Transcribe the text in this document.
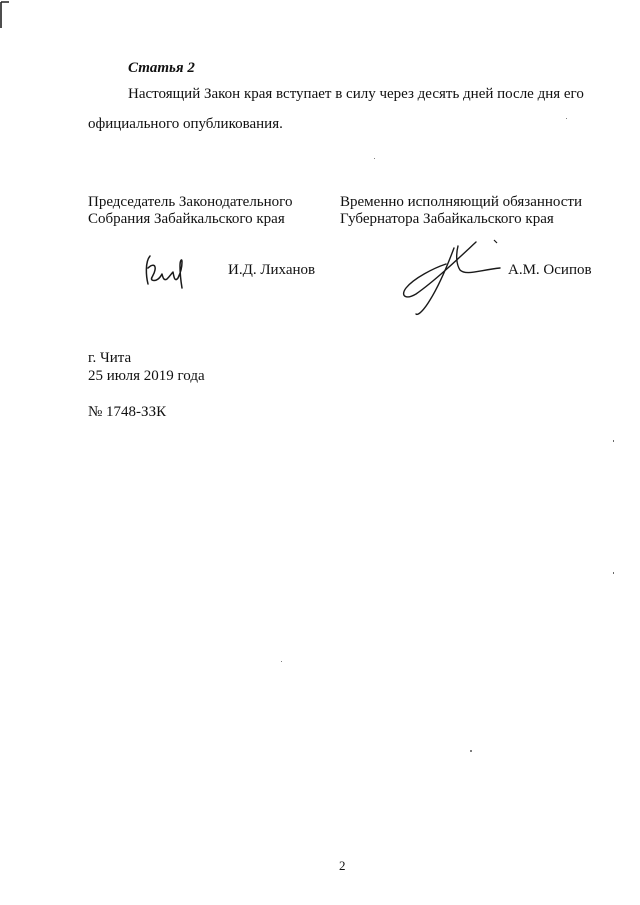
Статья 2
Настоящий Закон края вступает в силу через десять дней после дня его
официального опубликования.
Председатель Законодательного
Собрания Забайкальского края
И.Д. Лиханов
Временно исполняющий обязанности
Губернатора Забайкальского края
А.М. Осипов
г. Чита
25 июля 2019 года
№ 1748-ЗЗК
2
